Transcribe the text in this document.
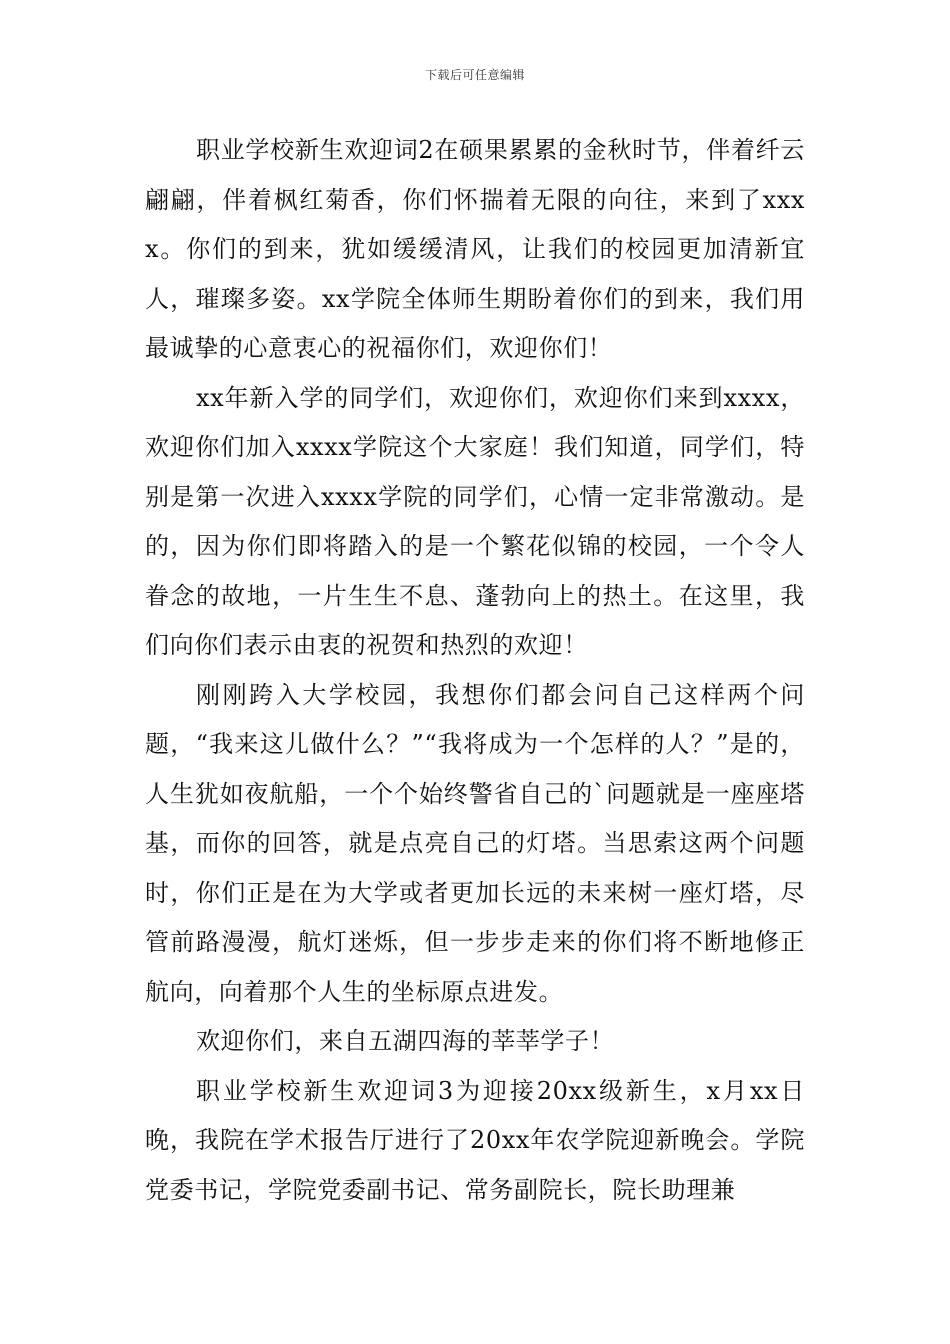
下载后可任意编辑

职业学校新生欢迎词2在硕果累累的金秋时节，伴着纤云翩翩，伴着枫红菊香，你们怀揣着无限的向往，来到了xxxx。你们的到来，犹如缓缓清风，让我们的校园更加清新宜人，璀璨多姿。xx学院全体师生期盼着你们的到来，我们用最诚挚的心意衷心的祝福你们，欢迎你们！

xx年新入学的同学们，欢迎你们，欢迎你们来到xxxx，欢迎你们加入xxxx学院这个大家庭！我们知道，同学们，特别是第一次进入xxxx学院的同学们，心情一定非常激动。是的，因为你们即将踏入的是一个繁花似锦的校园，一个令人眷念的故地，一片生生不息、蓬勃向上的热土。在这里，我们向你们表示由衷的祝贺和热烈的欢迎！

刚刚跨入大学校园，我想你们都会问自己这样两个问题，“我来这儿做什么？”“我将成为一个怎样的人？”是的，人生犹如夜航船，一个个始终警省自己的`问题就是一座座塔基，而你的回答，就是点亮自己的灯塔。当思索这两个问题时，你们正是在为大学或者更加长远的未来树一座灯塔，尽管前路漫漫，航灯迷烁，但一步步走来的你们将不断地修正航向，向着那个人生的坐标原点进发。

欢迎你们，来自五湖四海的莘莘学子！

职业学校新生欢迎词3为迎接20xx级新生，x月xx日晚，我院在学术报告厅进行了20xx年农学院迎新晚会。学院党委书记，学院党委副书记、常务副院长，院长助理兼
